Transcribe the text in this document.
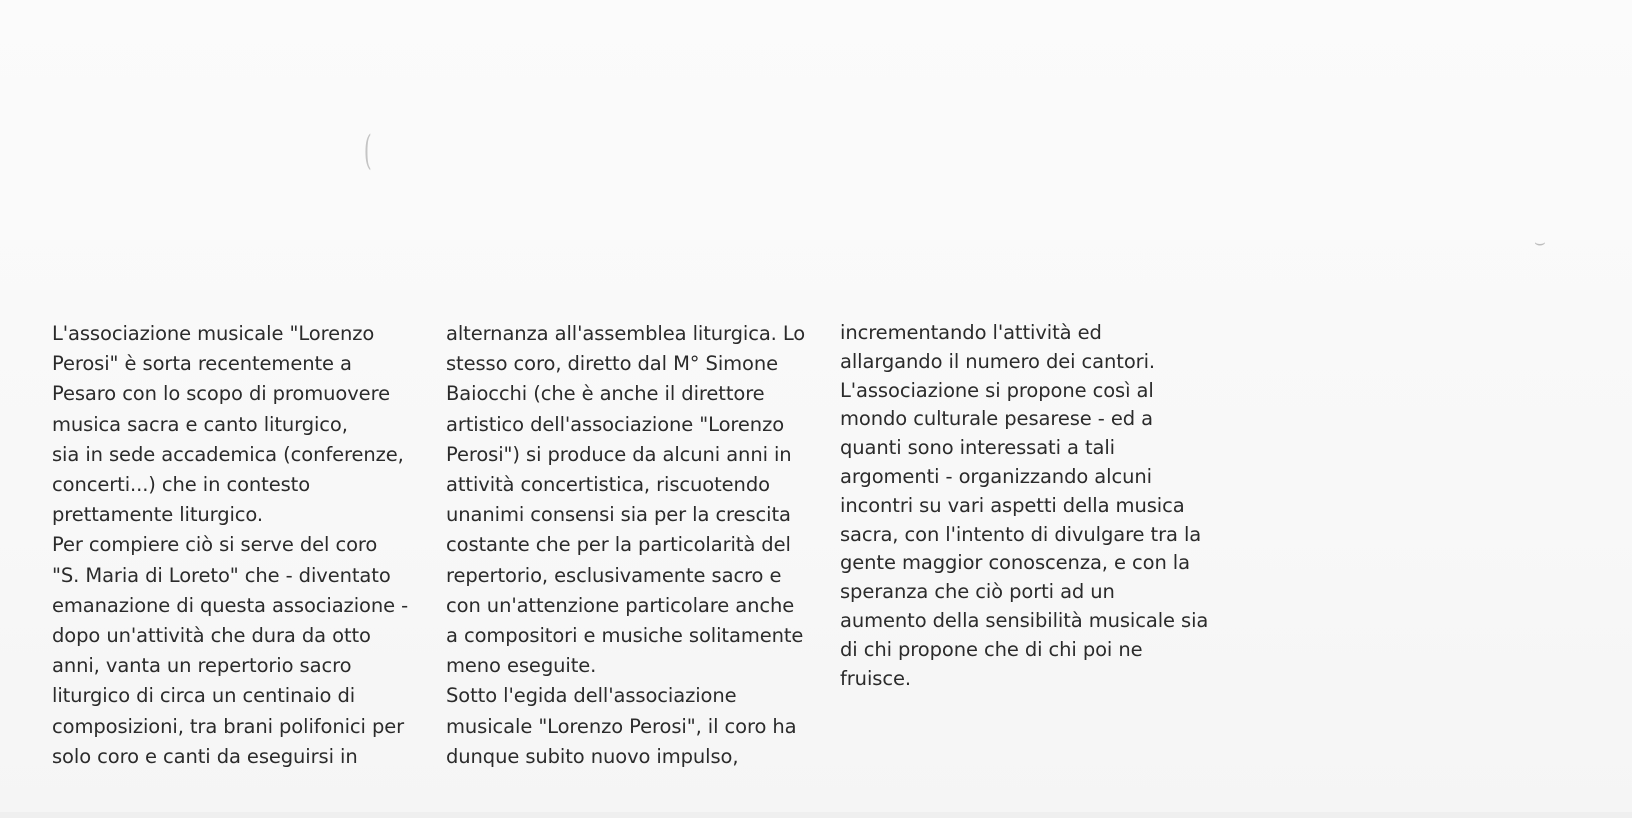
(
⌣
L'associazione musicale "Lorenzo
Perosi" è sorta recentemente a
Pesaro con lo scopo di promuovere
musica sacra e canto liturgico,
sia in sede accademica (conferenze,
concerti...) che in contesto
prettamente liturgico.
Per compiere ciò si serve del coro
"S. Maria di Loreto" che - diventato
emanazione di questa associazione -
dopo un'attività che dura da otto
anni, vanta un repertorio sacro
liturgico di circa un centinaio di
composizioni, tra brani polifonici per
solo coro e canti da eseguirsi in
alternanza all'assemblea liturgica. Lo
stesso coro, diretto dal M° Simone
Baiocchi (che è anche il direttore
artistico dell'associazione "Lorenzo
Perosi") si produce da alcuni anni in
attività concertistica, riscuotendo
unanimi consensi sia per la crescita
costante che per la particolarità del
repertorio, esclusivamente sacro e
con un'attenzione particolare anche
a compositori e musiche solitamente
meno eseguite.
Sotto l'egida dell'associazione
musicale "Lorenzo Perosi", il coro ha
dunque subito nuovo impulso,
incrementando l'attività ed
allargando il numero dei cantori.
L'associazione si propone così al
mondo culturale pesarese - ed a
quanti sono interessati a tali
argomenti - organizzando alcuni
incontri su vari aspetti della musica
sacra, con l'intento di divulgare tra la
gente maggior conoscenza, e con la
speranza che ciò porti ad un
aumento della sensibilità musicale sia
di chi propone che di chi poi ne
fruisce.
